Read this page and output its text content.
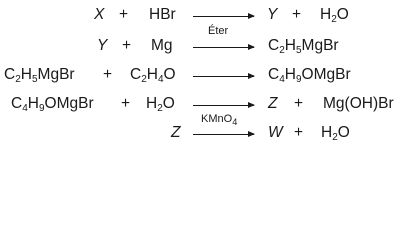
X + HBr → $Y + H_2O$
Y + Mg
Éter
→ $C_2H_5MgBr$
$C_2H_5MgBr + C_2H_4O$ → $C_4H_9OMgBr$
$C_4H_9OMgBr + H_2O \to Z + Mg(OH)Br$
Z
KMnO$_4$
→ $W + H_2O$
